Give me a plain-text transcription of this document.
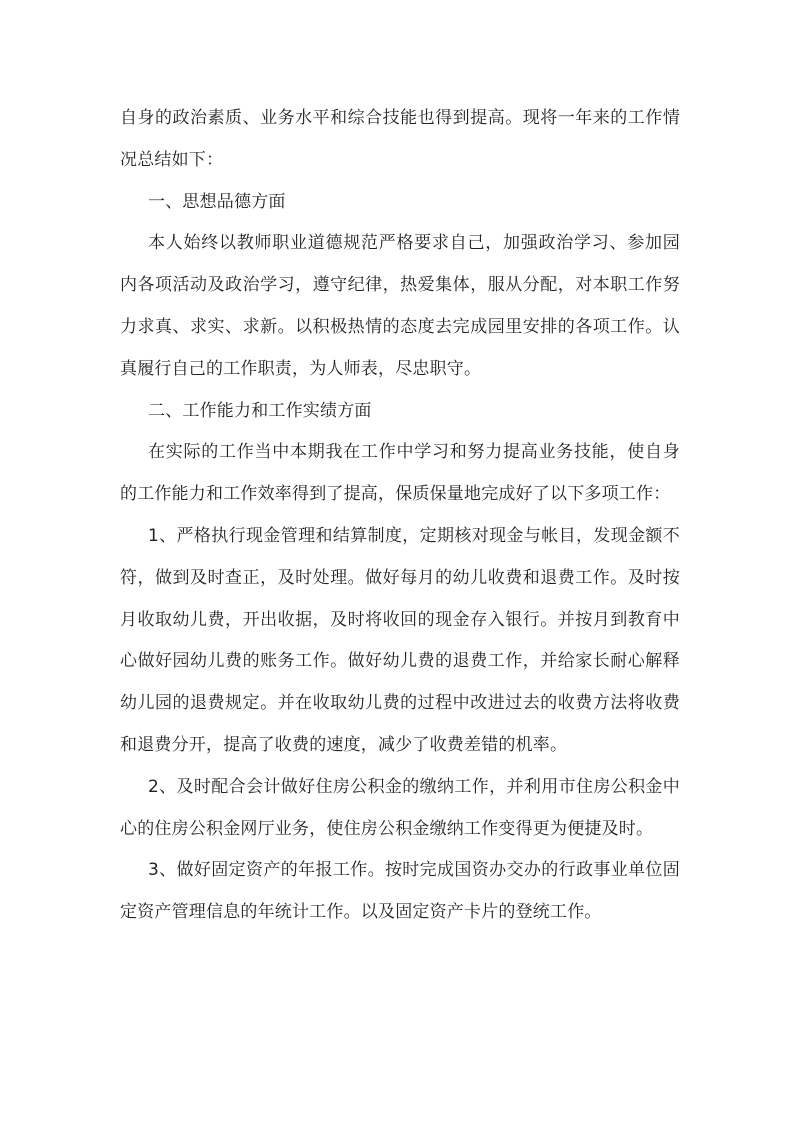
自身的政治素质、业务水平和综合技能也得到提高。现将一年来的工作情况总结如下：

一、思想品德方面

本人始终以教师职业道德规范严格要求自己，加强政治学习、参加园内各项活动及政治学习，遵守纪律，热爱集体，服从分配，对本职工作努力求真、求实、求新。以积极热情的态度去完成园里安排的各项工作。认真履行自己的工作职责，为人师表，尽忠职守。

二、工作能力和工作实绩方面

在实际的工作当中本期我在工作中学习和努力提高业务技能，使自身的工作能力和工作效率得到了提高，保质保量地完成好了以下多项工作：

1、严格执行现金管理和结算制度，定期核对现金与帐目，发现金额不符，做到及时查正，及时处理。做好每月的幼儿收费和退费工作。及时按月收取幼儿费，开出收据，及时将收回的现金存入银行。并按月到教育中心做好园幼儿费的账务工作。做好幼儿费的退费工作，并给家长耐心解释幼儿园的退费规定。并在收取幼儿费的过程中改进过去的收费方法将收费和退费分开，提高了收费的速度，减少了收费差错的机率。

2、及时配合会计做好住房公积金的缴纳工作，并利用市住房公积金中心的住房公积金网厅业务，使住房公积金缴纳工作变得更为便捷及时。

3、做好固定资产的年报工作。按时完成国资办交办的行政事业单位固定资产管理信息的年统计工作。以及固定资产卡片的登统工作。
